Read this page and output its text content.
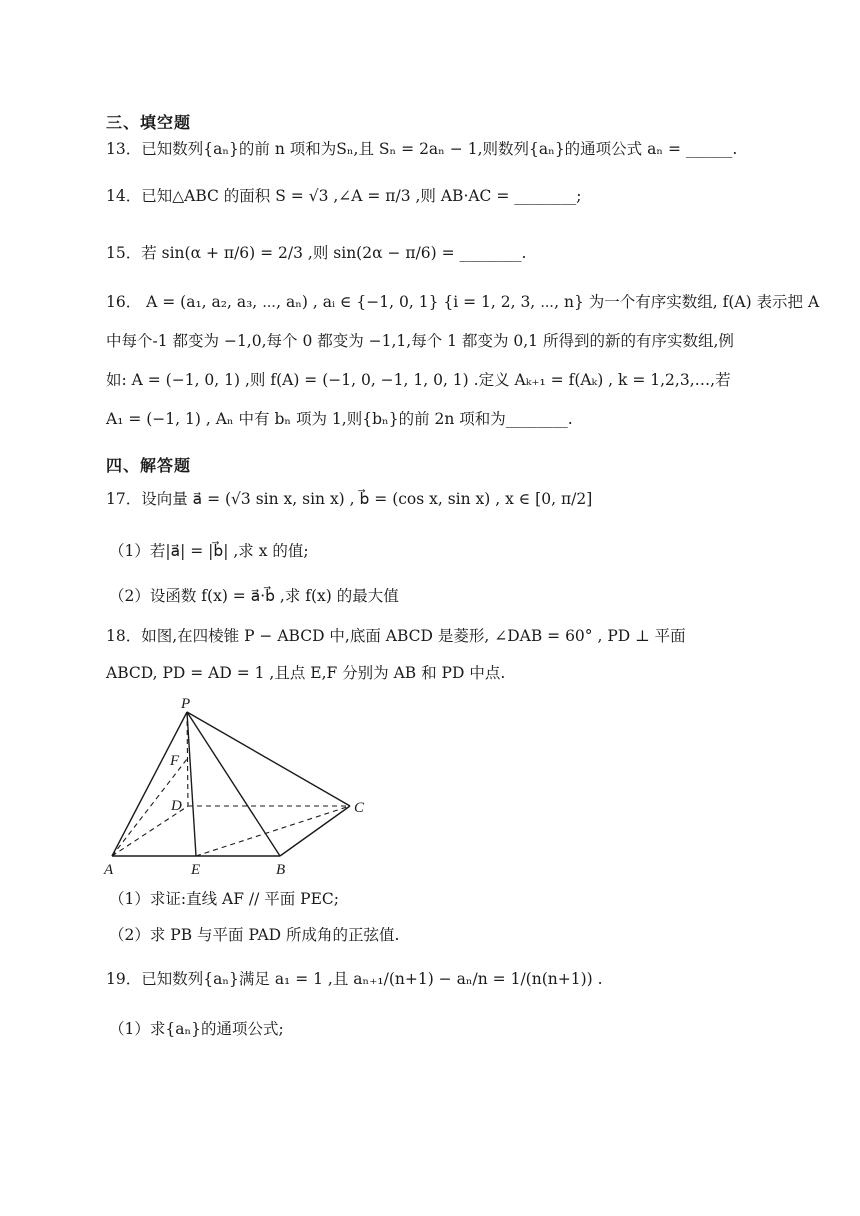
三、填空题
13．已知数列{aₙ}的前 n 项和为Sₙ,且 Sₙ = 2aₙ − 1,则数列{aₙ}的通项公式 aₙ = ______.
14．已知△ABC 的面积 S = √3 ,∠A = π/3 ,则 AB·AC = ________;
15．若 sin(α + π/6) = 2/3 ,则 sin(2α − π/6) = ________.
16． A = (a₁, a₂, a₃, ⋯, aₙ) , aᵢ ∈ {−1, 0, 1} {i = 1, 2, 3, ⋯, n} 为一个有序实数组, f(A) 表示把 A
中每个-1 都变为 −1,0,每个 0 都变为 −1,1,每个 1 都变为 0,1 所得到的新的有序实数组,例
如: A = (−1, 0, 1) ,则 f(A) = (−1, 0, −1, 1, 0, 1) .定义 Aₖ₊₁ = f(Aₖ) , k = 1,2,3,…,若
A₁ = (−1, 1) , Aₙ 中有 bₙ 项为 1,则{bₙ}的前 2n 项和为________.
四、解答题
17．设向量 a⃗ = (√3 sin x, sin x) , b⃗ = (cos x, sin x) , x ∈ [0, π/2]
（1）若|a⃗| = |b⃗| ,求 x 的值;
（2）设函数 f(x) = a⃗·b⃗ ,求 f(x) 的最大值
18．如图,在四棱锥 P − ABCD 中,底面 ABCD 是菱形, ∠DAB = 60° , PD ⊥ 平面
ABCD, PD = AD = 1 ,且点 E,F 分别为 AB 和 PD 中点.
P
F
D	C
A	E	B
（1）求证:直线 AF // 平面 PEC;
（2）求 PB 与平面 PAD 所成角的正弦值.
19．已知数列{aₙ}满足 a₁ = 1 ,且 aₙ₊₁/(n+1) − aₙ/n = 1/(n(n+1)) .
（1）求{aₙ}的通项公式;
